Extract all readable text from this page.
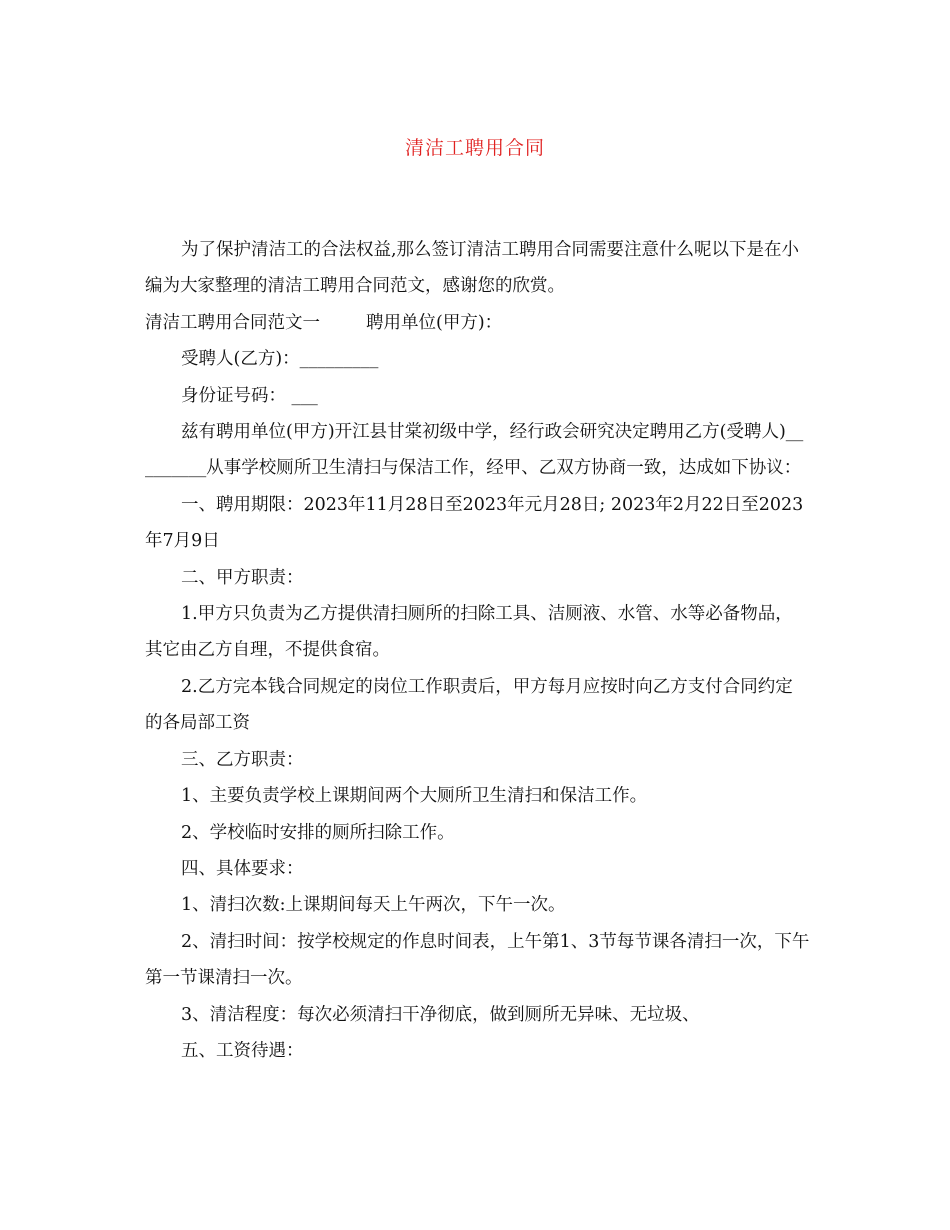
清洁工聘用合同

为了保护清洁工的合法权益,那么签订清洁工聘用合同需要注意什么呢以下是在小编为大家整理的清洁工聘用合同范文，感谢您的欣赏。

清洁工聘用合同范文一	聘用单位(甲方)：

受聘人(乙方)：_________

身份证号码： ___

兹有聘用单位(甲方)开江县甘棠初级中学，经行政会研究决定聘用乙方(受聘人)_________从事学校厕所卫生清扫与保洁工作，经甲、乙双方协商一致，达成如下协议：

一、聘用期限：2023年11月28日至2023年元月28日; 2023年2月22日至2023年7月9日

二、甲方职责：

1.甲方只负责为乙方提供清扫厕所的扫除工具、洁厕液、水管、水等必备物品，其它由乙方自理，不提供食宿。

2.乙方完本钱合同规定的岗位工作职责后，甲方每月应按时向乙方支付合同约定的各局部工资

三、乙方职责：

1、主要负责学校上课期间两个大厕所卫生清扫和保洁工作。

2、学校临时安排的厕所扫除工作。

四、具体要求：

1、清扫次数:上课期间每天上午两次，下午一次。

2、清扫时间：按学校规定的作息时间表，上午第1、3节每节课各清扫一次，下午第一节课清扫一次。

3、清洁程度：每次必须清扫干净彻底，做到厕所无异味、无垃圾、

五、工资待遇：
